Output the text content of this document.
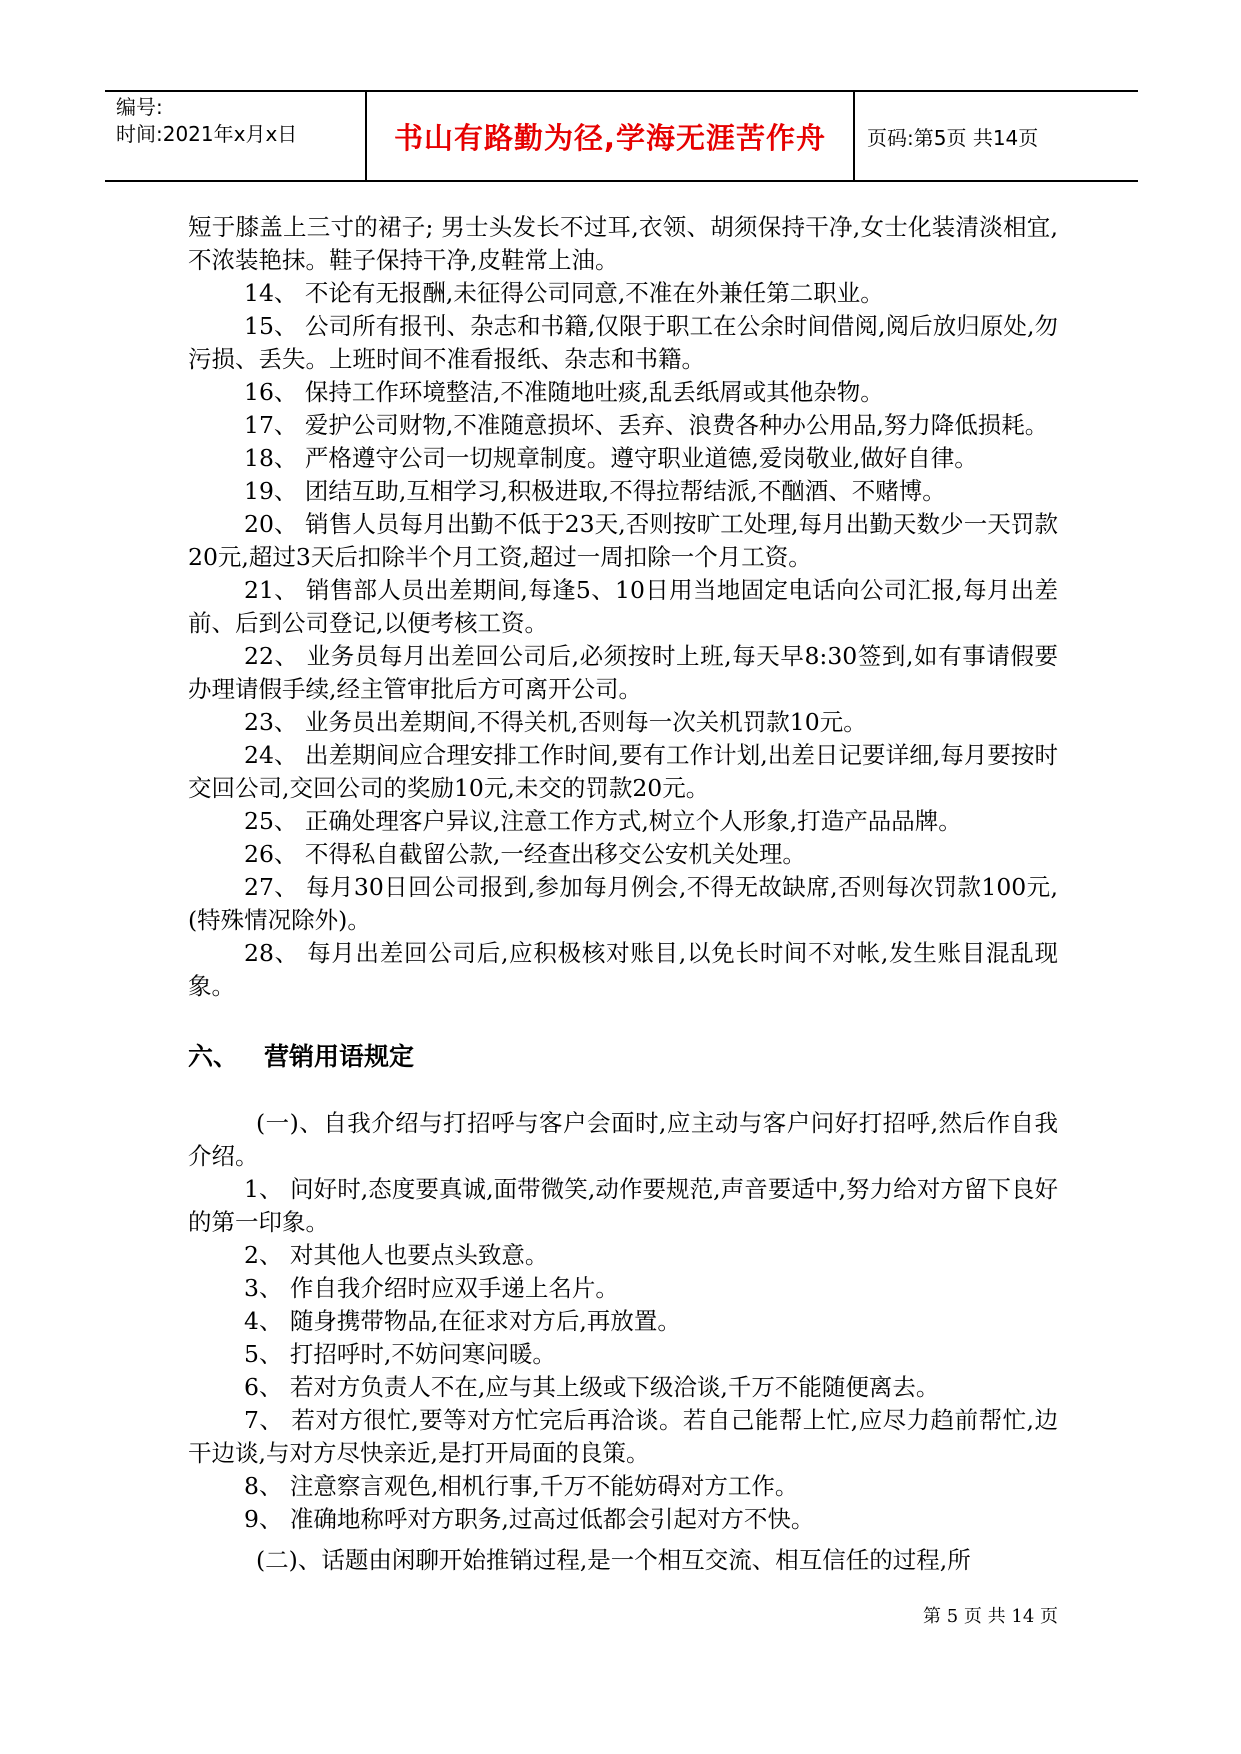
编号:
时间:2021年x月x日	书山有路勤为径,学海无涯苦作舟	页码:第5页 共14页

短于膝盖上三寸的裙子; 男士头发长不过耳,衣领、胡须保持干净,女士化装清淡相宜,不浓装艳抹。鞋子保持干净,皮鞋常上油。

14、 不论有无报酬,未征得公司同意,不准在外兼任第二职业。

15、 公司所有报刊、杂志和书籍,仅限于职工在公余时间借阅,阅后放归原处,勿污损、丢失。上班时间不准看报纸、杂志和书籍。

16、 保持工作环境整洁,不准随地吐痰,乱丢纸屑或其他杂物。

17、 爱护公司财物,不准随意损坏、丢弃、浪费各种办公用品,努力降低损耗。

18、 严格遵守公司一切规章制度。遵守职业道德,爱岗敬业,做好自律。

19、 团结互助,互相学习,积极进取,不得拉帮结派,不酗酒、不赌博。

20、 销售人员每月出勤不低于23天,否则按旷工处理,每月出勤天数少一天罚款20元,超过3天后扣除半个月工资,超过一周扣除一个月工资。

21、 销售部人员出差期间,每逢5、10日用当地固定电话向公司汇报,每月出差前、后到公司登记,以便考核工资。

22、 业务员每月出差回公司后,必须按时上班,每天早8:30签到,如有事请假要办理请假手续,经主管审批后方可离开公司。

23、 业务员出差期间,不得关机,否则每一次关机罚款10元。

24、 出差期间应合理安排工作时间,要有工作计划,出差日记要详细,每月要按时交回公司,交回公司的奖励10元,未交的罚款20元。

25、 正确处理客户异议,注意工作方式,树立个人形象,打造产品品牌。

26、 不得私自截留公款,一经查出移交公安机关处理。

27、 每月30日回公司报到,参加每月例会,不得无故缺席,否则每次罚款100元,(特殊情况除外)。

28、 每月出差回公司后,应积极核对账目,以免长时间不对帐,发生账目混乱现象。

六、 营销用语规定

(一)、自我介绍与打招呼与客户会面时,应主动与客户问好打招呼,然后作自我介绍。

1、 问好时,态度要真诚,面带微笑,动作要规范,声音要适中,努力给对方留下良好的第一印象。

2、 对其他人也要点头致意。

3、 作自我介绍时应双手递上名片。

4、 随身携带物品,在征求对方后,再放置。

5、 打招呼时,不妨问寒问暖。

6、 若对方负责人不在,应与其上级或下级洽谈,千万不能随便离去。

7、 若对方很忙,要等对方忙完后再洽谈。若自己能帮上忙,应尽力趋前帮忙,边干边谈,与对方尽快亲近,是打开局面的良策。

8、 注意察言观色,相机行事,千万不能妨碍对方工作。

9、 准确地称呼对方职务,过高过低都会引起对方不快。

(二)、话题由闲聊开始推销过程,是一个相互交流、相互信任的过程,所

第 5 页 共 14 页
